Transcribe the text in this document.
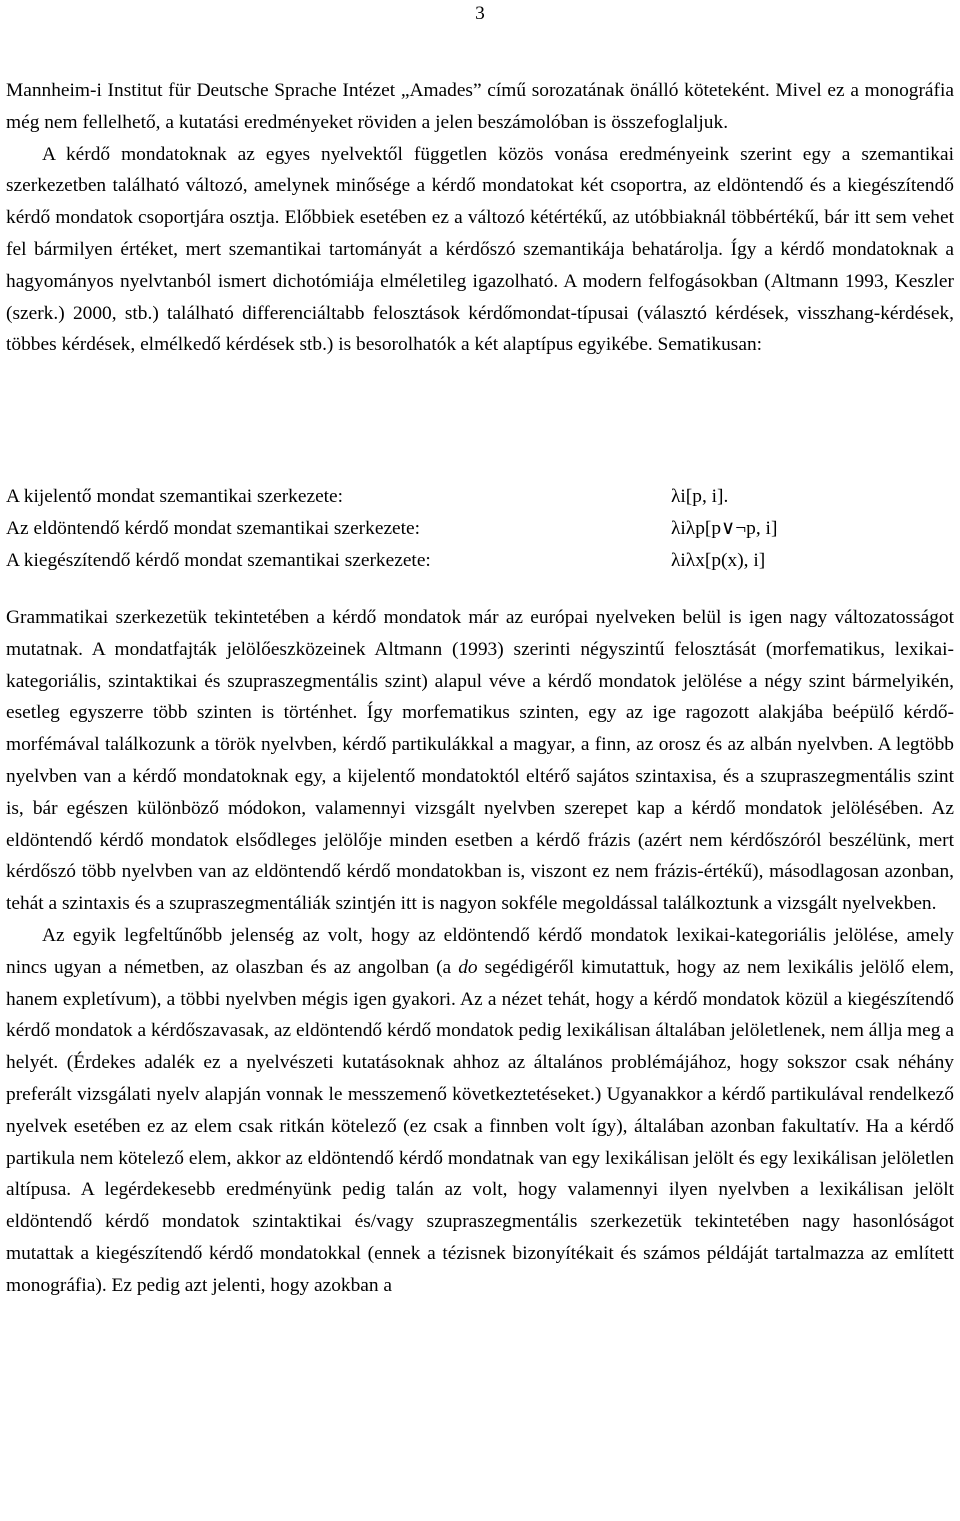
3

Mannheim-i Institut für Deutsche Sprache Intézet „Amades” című sorozatának önálló köteteként. Mivel ez a monográfia még nem fellelhető, a kutatási eredményeket röviden a jelen beszámolóban is összefoglaljuk.

A kérdő mondatoknak az egyes nyelvektől független közös vonása eredményeink szerint egy a szemantikai szerkezetben található változó, amelynek minősége a kérdő mondatokat két csoportra, az eldöntendő és a kiegészítendő kérdő mondatok csoportjára osztja. Előbbiek esetében ez a változó kétértékű, az utóbbiaknál többértékű, bár itt sem vehet fel bármilyen értéket, mert szemantikai tartományát a kérdőszó szemantikája behatárolja. Így a kérdő mondatoknak a hagyományos nyelvtanból ismert dichotómiája elméletileg igazolható. A modern felfogásokban (Altmann 1993, Keszler (szerk.) 2000, stb.) található differenciáltabb felosztások kérdőmondat-típusai (választó kérdések, visszhang-kérdések, többes kérdések, elmélkedő kérdések stb.) is besorolhatók a két alaptípus egyikébe. Sematikusan:

A kijelentő mondat szemantikai szerkezete:	λi[p, i].
Az eldöntendő kérdő mondat szemantikai szerkezete:	λiλp[p∨¬p, i]
A kiegészítendő kérdő mondat szemantikai szerkezete:	λiλx[p(x), i]

Grammatikai szerkezetük tekintetében a kérdő mondatok már az európai nyelveken belül is igen nagy változatosságot mutatnak. A mondatfajták jelölőeszközeinek Altmann (1993) szerinti négyszintű felosztását (morfematikus, lexikai-kategoriális, szintaktikai és szupraszegmentális szint) alapul véve a kérdő mondatok jelölése a négy szint bármelyikén, esetleg egyszerre több szinten is történhet. Így morfematikus szinten, egy az ige ragozott alakjába beépülő kérdő-morfémával találkozunk a török nyelvben, kérdő partikulákkal a magyar, a finn, az orosz és az albán nyelvben. A legtöbb nyelvben van a kérdő mondatoknak egy, a kijelentő mondatoktól eltérő sajátos szintaxisa, és a szupraszegmentális szint is, bár egészen különböző módokon, valamennyi vizsgált nyelvben szerepet kap a kérdő mondatok jelölésében. Az eldöntendő kérdő mondatok elsődleges jelölője minden esetben a kérdő frázis (azért nem kérdőszóról beszélünk, mert kérdőszó több nyelvben van az eldöntendő kérdő mondatokban is, viszont ez nem frázis-értékű), másodlagosan azonban, tehát a szintaxis és a szupraszegmentáliák szintjén itt is nagyon sokféle megoldással találkoztunk a vizsgált nyelvekben.

Az egyik legfeltűnőbb jelenség az volt, hogy az eldöntendő kérdő mondatok lexikai-kategoriális jelölése, amely nincs ugyan a németben, az olaszban és az angolban (a do segédigéről kimutattuk, hogy az nem lexikális jelölő elem, hanem expletívum), a többi nyelvben mégis igen gyakori. Az a nézet tehát, hogy a kérdő mondatok közül a kiegészítendő kérdő mondatok a kérdőszavasak, az eldöntendő kérdő mondatok pedig lexikálisan általában jelöletlenek, nem állja meg a helyét. (Érdekes adalék ez a nyelvészeti kutatásoknak ahhoz az általános problémájához, hogy sokszor csak néhány preferált vizsgálati nyelv alapján vonnak le messzemenő következtetéseket.) Ugyanakkor a kérdő partikulával rendelkező nyelvek esetében ez az elem csak ritkán kötelező (ez csak a finnben volt így), általában azonban fakultatív. Ha a kérdő partikula nem kötelező elem, akkor az eldöntendő kérdő mondatnak van egy lexikálisan jelölt és egy lexikálisan jelöletlen altípusa. A legérdekesebb eredményünk pedig talán az volt, hogy valamennyi ilyen nyelvben a lexikálisan jelölt eldöntendő kérdő mondatok szintaktikai és/vagy szupraszegmentális szerkezetük tekintetében nagy hasonlóságot mutattak a kiegészítendő kérdő mondatokkal (ennek a tézisnek bizonyítékait és számos példáját tartalmazza az említett monográfia). Ez pedig azt jelenti, hogy azokban a
